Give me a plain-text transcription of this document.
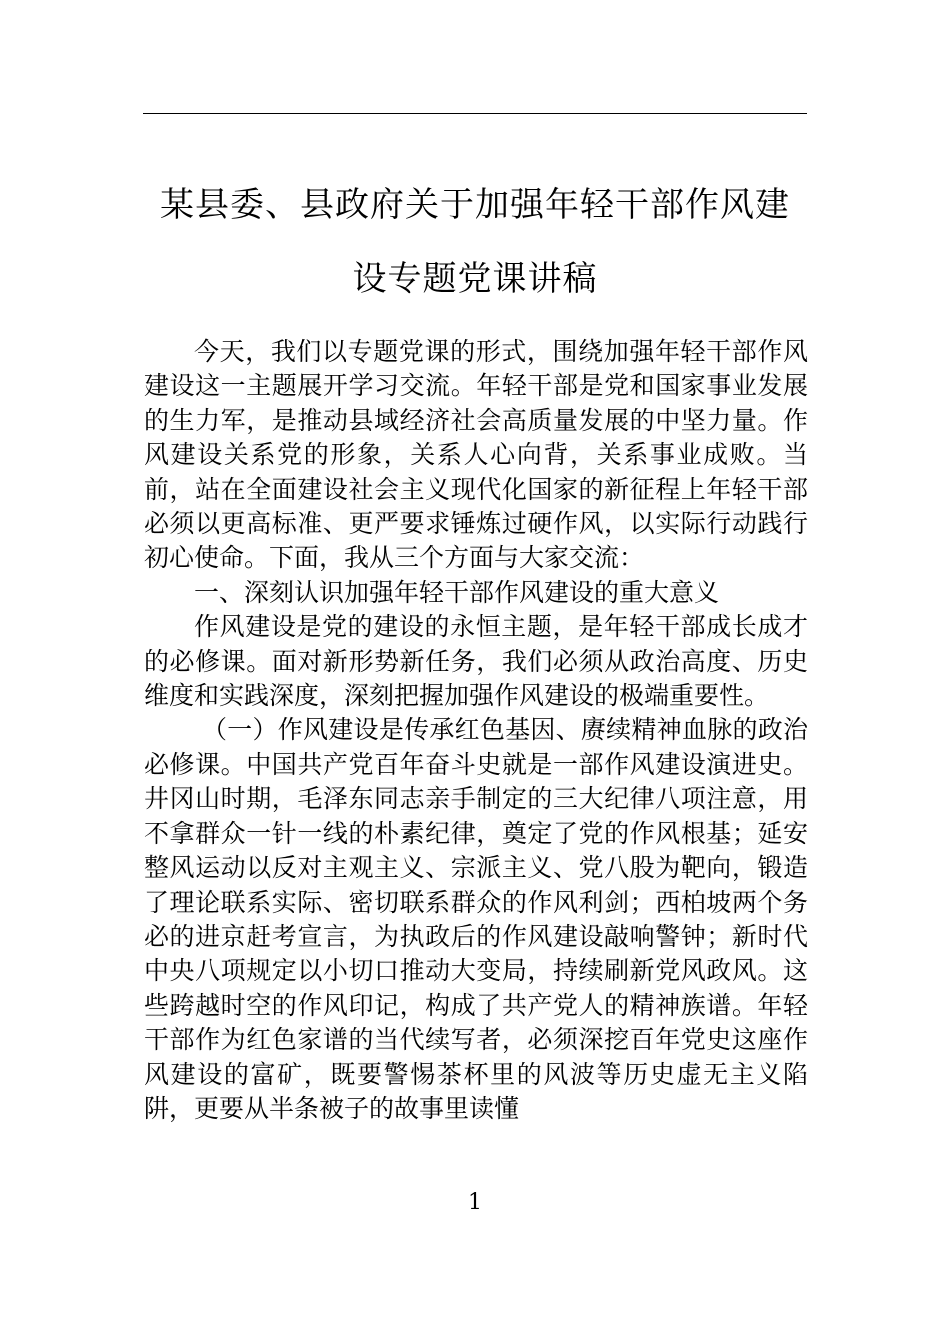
某县委、县政府关于加强年轻干部作风建
设专题党课讲稿

今天，我们以专题党课的形式，围绕加强年轻干部作风建设这一主题展开学习交流。年轻干部是党和国家事业发展的生力军，是推动县域经济社会高质量发展的中坚力量。作风建设关系党的形象，关系人心向背，关系事业成败。当前，站在全面建设社会主义现代化国家的新征程上年轻干部必须以更高标准、更严要求锤炼过硬作风，以实际行动践行初心使命。下面，我从三个方面与大家交流：

一、深刻认识加强年轻干部作风建设的重大意义

作风建设是党的建设的永恒主题，是年轻干部成长成才的必修课。面对新形势新任务，我们必须从政治高度、历史维度和实践深度，深刻把握加强作风建设的极端重要性。

（一）作风建设是传承红色基因、赓续精神血脉的政治必修课。中国共产党百年奋斗史就是一部作风建设演进史。井冈山时期，毛泽东同志亲手制定的三大纪律八项注意，用不拿群众一针一线的朴素纪律，奠定了党的作风根基；延安整风运动以反对主观主义、宗派主义、党八股为靶向，锻造了理论联系实际、密切联系群众的作风利剑；西柏坡两个务必的进京赶考宣言，为执政后的作风建设敲响警钟；新时代中央八项规定以小切口推动大变局，持续刷新党风政风。这些跨越时空的作风印记，构成了共产党人的精神族谱。年轻干部作为红色家谱的当代续写者，必须深挖百年党史这座作风建设的富矿，既要警惕茶杯里的风波等历史虚无主义陷阱，更要从半条被子的故事里读懂

1
